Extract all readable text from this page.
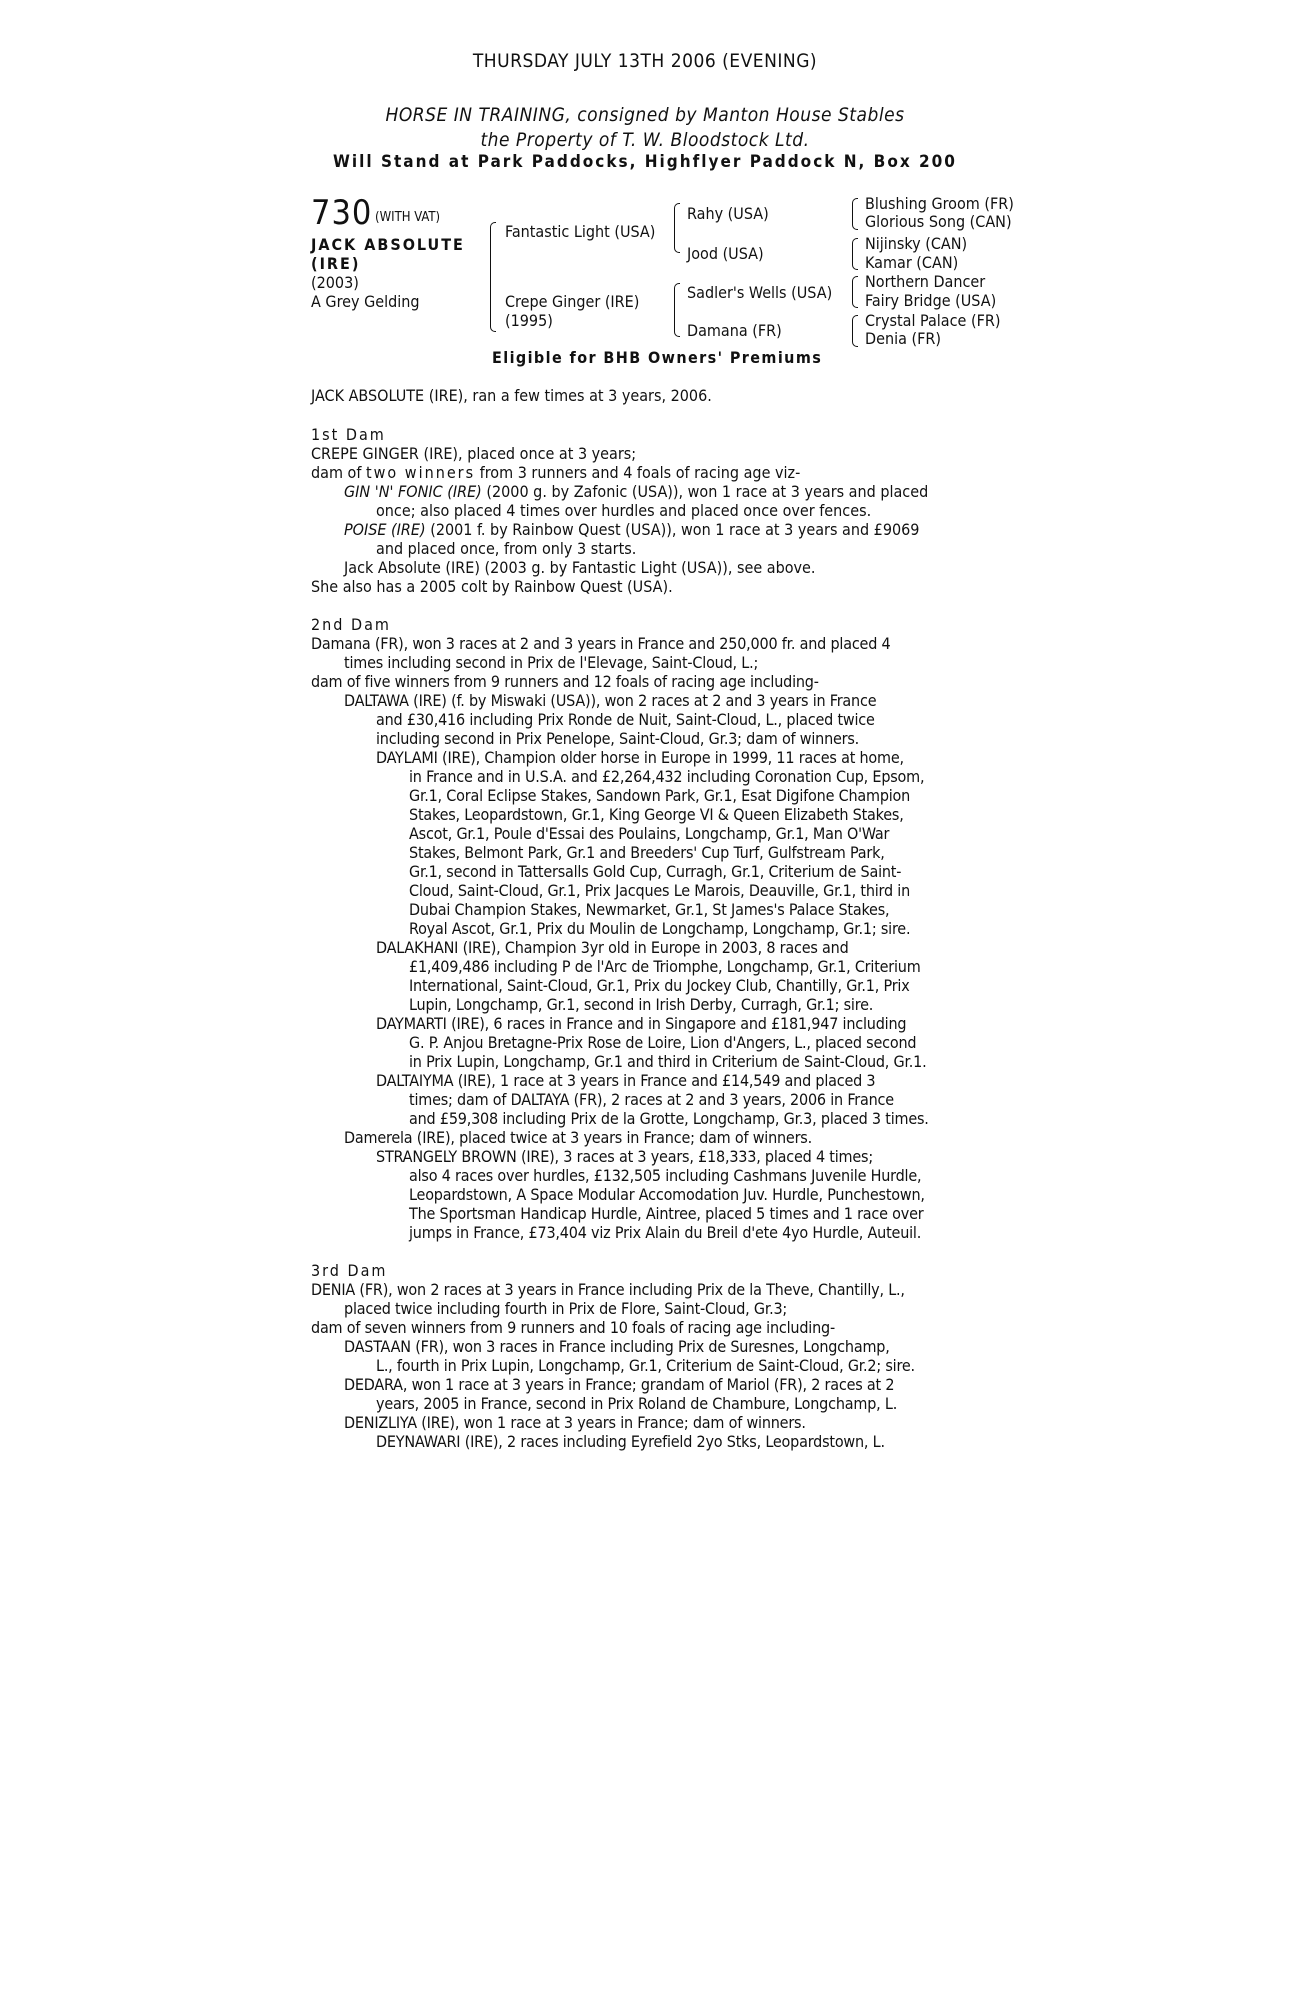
THURSDAY JULY 13TH 2006 (EVENING)
HORSE IN TRAINING, consigned by Manton House Stables
the Property of T. W. Bloodstock Ltd.
Will Stand at Park Paddocks, Highflyer Paddock N, Box 200
730 (WITH VAT)
JACK ABSOLUTE
(IRE)
(2003)
A Grey Gelding
Fantastic Light (USA)
Crepe Ginger (IRE)
(1995)
Rahy (USA)
Jood (USA)
Sadler's Wells (USA)
Damana (FR)
Blushing Groom (FR)
Glorious Song (CAN)
Nijinsky (CAN)
Kamar (CAN)
Northern Dancer
Fairy Bridge (USA)
Crystal Palace (FR)
Denia (FR)
Eligible for BHB Owners' Premiums
JACK ABSOLUTE (IRE), ran a few times at 3 years, 2006.

1st Dam

CREPE GINGER (IRE), placed once at 3 years;

dam of two winners from 3 runners and 4 foals of racing age viz-

GIN 'N' FONIC (IRE) (2000 g. by Zafonic (USA)), won 1 race at 3 years and placed

once; also placed 4 times over hurdles and placed once over fences.

POISE (IRE) (2001 f. by Rainbow Quest (USA)), won 1 race at 3 years and £9069

and placed once, from only 3 starts.

Jack Absolute (IRE) (2003 g. by Fantastic Light (USA)), see above.

She also has a 2005 colt by Rainbow Quest (USA).

2nd Dam

Damana (FR), won 3 races at 2 and 3 years in France and 250,000 fr. and placed 4

times including second in Prix de l'Elevage, Saint-Cloud, L.;

dam of five winners from 9 runners and 12 foals of racing age including-

DALTAWA (IRE) (f. by Miswaki (USA)), won 2 races at 2 and 3 years in France

and £30,416 including Prix Ronde de Nuit, Saint-Cloud, L., placed twice

including second in Prix Penelope, Saint-Cloud, Gr.3; dam of winners.

DAYLAMI (IRE), Champion older horse in Europe in 1999, 11 races at home,

in France and in U.S.A. and £2,264,432 including Coronation Cup, Epsom,

Gr.1, Coral Eclipse Stakes, Sandown Park, Gr.1, Esat Digifone Champion

Stakes, Leopardstown, Gr.1, King George VI & Queen Elizabeth Stakes,

Ascot, Gr.1, Poule d'Essai des Poulains, Longchamp, Gr.1, Man O'War

Stakes, Belmont Park, Gr.1 and Breeders' Cup Turf, Gulfstream Park,

Gr.1, second in Tattersalls Gold Cup, Curragh, Gr.1, Criterium de Saint-

Cloud, Saint-Cloud, Gr.1, Prix Jacques Le Marois, Deauville, Gr.1, third in

Dubai Champion Stakes, Newmarket, Gr.1, St James's Palace Stakes,

Royal Ascot, Gr.1, Prix du Moulin de Longchamp, Longchamp, Gr.1; sire.

DALAKHANI (IRE), Champion 3yr old in Europe in 2003, 8 races and

£1,409,486 including P de l'Arc de Triomphe, Longchamp, Gr.1, Criterium

International, Saint-Cloud, Gr.1, Prix du Jockey Club, Chantilly, Gr.1, Prix

Lupin, Longchamp, Gr.1, second in Irish Derby, Curragh, Gr.1; sire.

DAYMARTI (IRE), 6 races in France and in Singapore and £181,947 including

G. P. Anjou Bretagne-Prix Rose de Loire, Lion d'Angers, L., placed second

in Prix Lupin, Longchamp, Gr.1 and third in Criterium de Saint-Cloud, Gr.1.

DALTAIYMA (IRE), 1 race at 3 years in France and £14,549 and placed 3

times; dam of DALTAYA (FR), 2 races at 2 and 3 years, 2006 in France

and £59,308 including Prix de la Grotte, Longchamp, Gr.3, placed 3 times.

Damerela (IRE), placed twice at 3 years in France; dam of winners.

STRANGELY BROWN (IRE), 3 races at 3 years, £18,333, placed 4 times;

also 4 races over hurdles, £132,505 including Cashmans Juvenile Hurdle,

Leopardstown, A Space Modular Accomodation Juv. Hurdle, Punchestown,

The Sportsman Handicap Hurdle, Aintree, placed 5 times and 1 race over

jumps in France, £73,404 viz Prix Alain du Breil d'ete 4yo Hurdle, Auteuil.

3rd Dam

DENIA (FR), won 2 races at 3 years in France including Prix de la Theve, Chantilly, L.,

placed twice including fourth in Prix de Flore, Saint-Cloud, Gr.3;

dam of seven winners from 9 runners and 10 foals of racing age including-

DASTAAN (FR), won 3 races in France including Prix de Suresnes, Longchamp,

L., fourth in Prix Lupin, Longchamp, Gr.1, Criterium de Saint-Cloud, Gr.2; sire.

DEDARA, won 1 race at 3 years in France; grandam of Mariol (FR), 2 races at 2

years, 2005 in France, second in Prix Roland de Chambure, Longchamp, L.

DENIZLIYA (IRE), won 1 race at 3 years in France; dam of winners.

DEYNAWARI (IRE), 2 races including Eyrefield 2yo Stks, Leopardstown, L.
